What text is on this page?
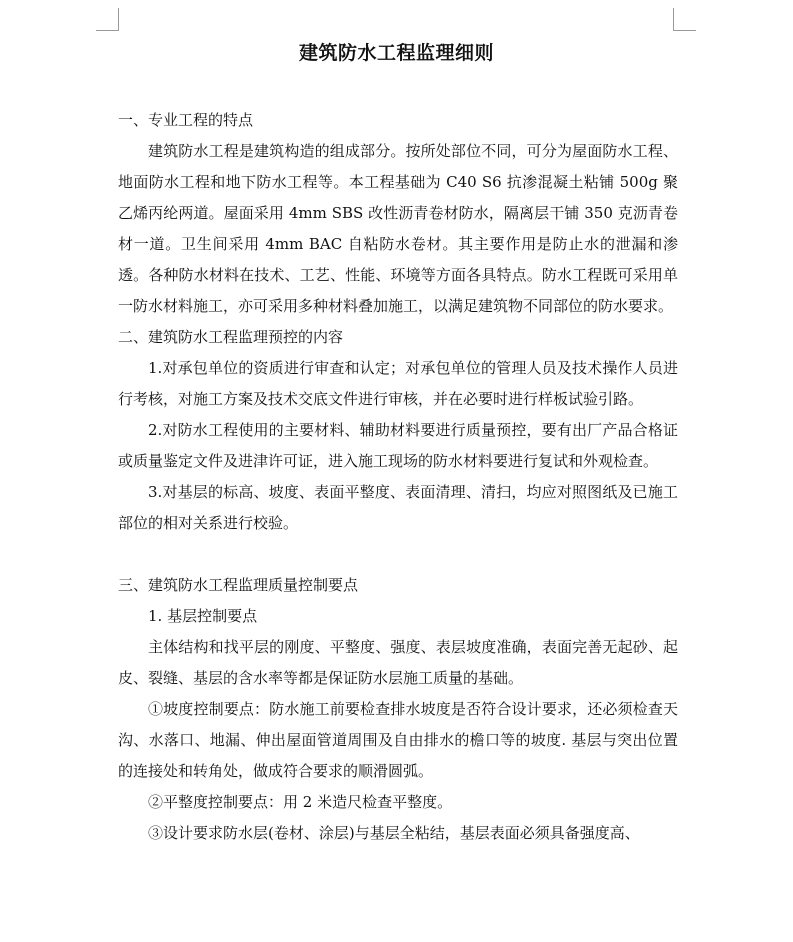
建筑防水工程监理细则

一、专业工程的特点

建筑防水工程是建筑构造的组成部分。按所处部位不同，可分为屋面防水工程、地面防水工程和地下防水工程等。本工程基础为 C40 S6 抗渗混凝土粘铺 500g 聚乙烯丙纶两道。屋面采用 4mm SBS 改性沥青卷材防水，隔离层干铺 350 克沥青卷材一道。卫生间采用 4mm BAC 自粘防水卷材。其主要作用是防止水的泄漏和渗透。各种防水材料在技术、工艺、性能、环境等方面各具特点。防水工程既可采用单一防水材料施工，亦可采用多种材料叠加施工，以满足建筑物不同部位的防水要求。

二、建筑防水工程监理预控的内容

1.对承包单位的资质进行审查和认定；对承包单位的管理人员及技术操作人员进行考核，对施工方案及技术交底文件进行审核，并在必要时进行样板试验引路。

2.对防水工程使用的主要材料、辅助材料要进行质量预控，要有出厂产品合格证或质量鉴定文件及进津许可证，进入施工现场的防水材料要进行复试和外观检查。

3.对基层的标高、坡度、表面平整度、表面清理、清扫，均应对照图纸及已施工部位的相对关系进行校验。

三、建筑防水工程监理质量控制要点

1. 基层控制要点

主体结构和找平层的刚度、平整度、强度、表层坡度准确，表面完善无起砂、起皮、裂缝、基层的含水率等都是保证防水层施工质量的基础。

①坡度控制要点：防水施工前要检查排水坡度是否符合设计要求，还必须检查天沟、水落口、地漏、伸出屋面管道周围及自由排水的檐口等的坡度. 基层与突出位置的连接处和转角处，做成符合要求的顺滑圆弧。

②平整度控制要点：用 2 米造尺检查平整度。

③设计要求防水层(卷材、涂层)与基层全粘结，基层表面必须具备强度高、
